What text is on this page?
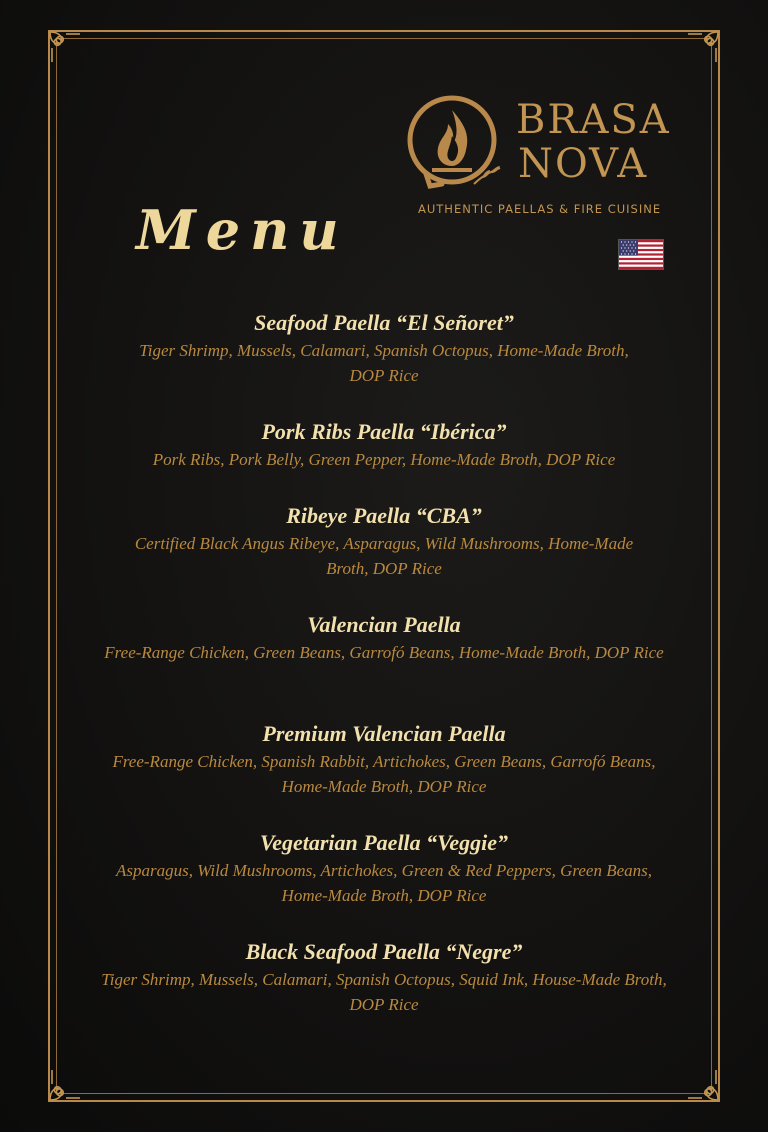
BRASA
NOVA
AUTHENTIC PAELLAS & FIRE CUISINE
Menu
Seafood Paella “El Señoret”
Tiger Shrimp, Mussels, Calamari, Spanish Octopus, Home-Made Broth, DOP Rice
Pork Ribs Paella “Ibérica”
Pork Ribs, Pork Belly, Green Pepper, Home-Made Broth, DOP Rice
Ribeye Paella “CBA”
Certified Black Angus Ribeye, Asparagus, Wild Mushrooms, Home-Made Broth, DOP Rice
Valencian Paella
Free-Range Chicken, Green Beans, Garrofó Beans, Home-Made Broth, DOP Rice
Premium Valencian Paella
Free-Range Chicken, Spanish Rabbit, Artichokes, Green Beans, Garrofó Beans, Home-Made Broth, DOP Rice
Vegetarian Paella “Veggie”
Asparagus, Wild Mushrooms, Artichokes, Green & Red Peppers, Green Beans, Home-Made Broth, DOP Rice
Black Seafood Paella “Negre”
Tiger Shrimp, Mussels, Calamari, Spanish Octopus, Squid Ink, House-Made Broth, DOP Rice
